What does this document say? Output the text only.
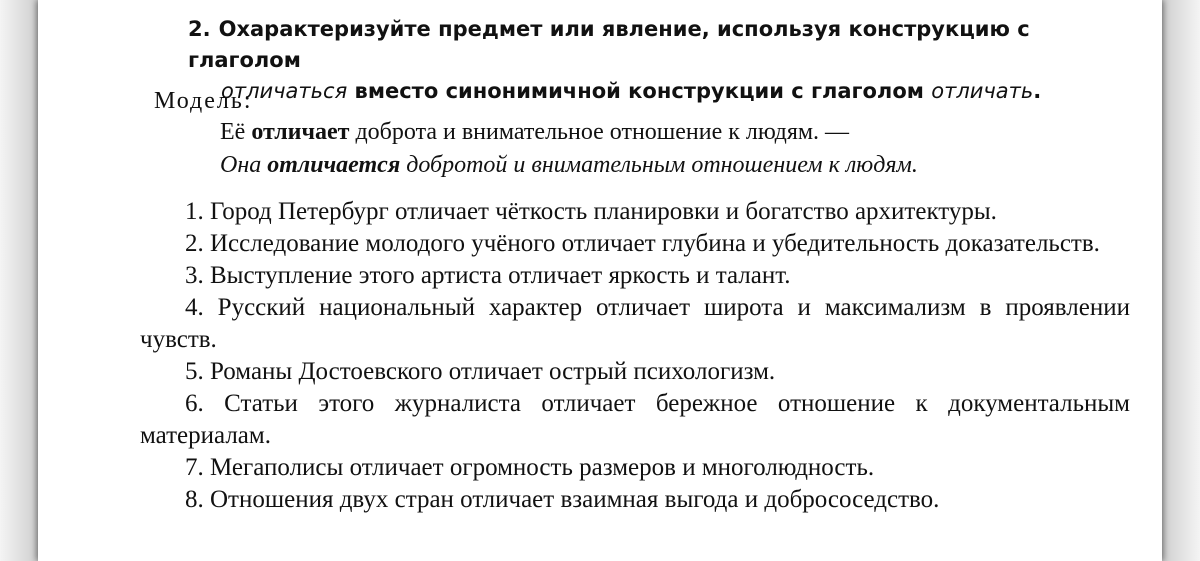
2. Охарактеризуйте предмет или явление, используя конструкцию с глаголом
отличаться вместо синонимичной конструкции с глаголом отличать.
Модель:
Её отличает доброта и внимательное отношение к людям. —
Она отличается добротой и внимательным отношением к людям.

1. Город Петербург отличает чёткость планировки и богатство архитектуры.

2. Исследование молодого учёного отличает глубина и убедительность доказательств.

3. Выступление этого артиста отличает яркость и талант.

4. Русский национальный характер отличает широта и максимализм в проявлении чувств.

5. Романы Достоевского отличает острый психологизм.

6. Статьи этого журналиста отличает бережное отношение к документальным материалам.

7. Мегаполисы отличает огромность размеров и многолюдность.

8. Отношения двух стран отличает взаимная выгода и добрососедство.
